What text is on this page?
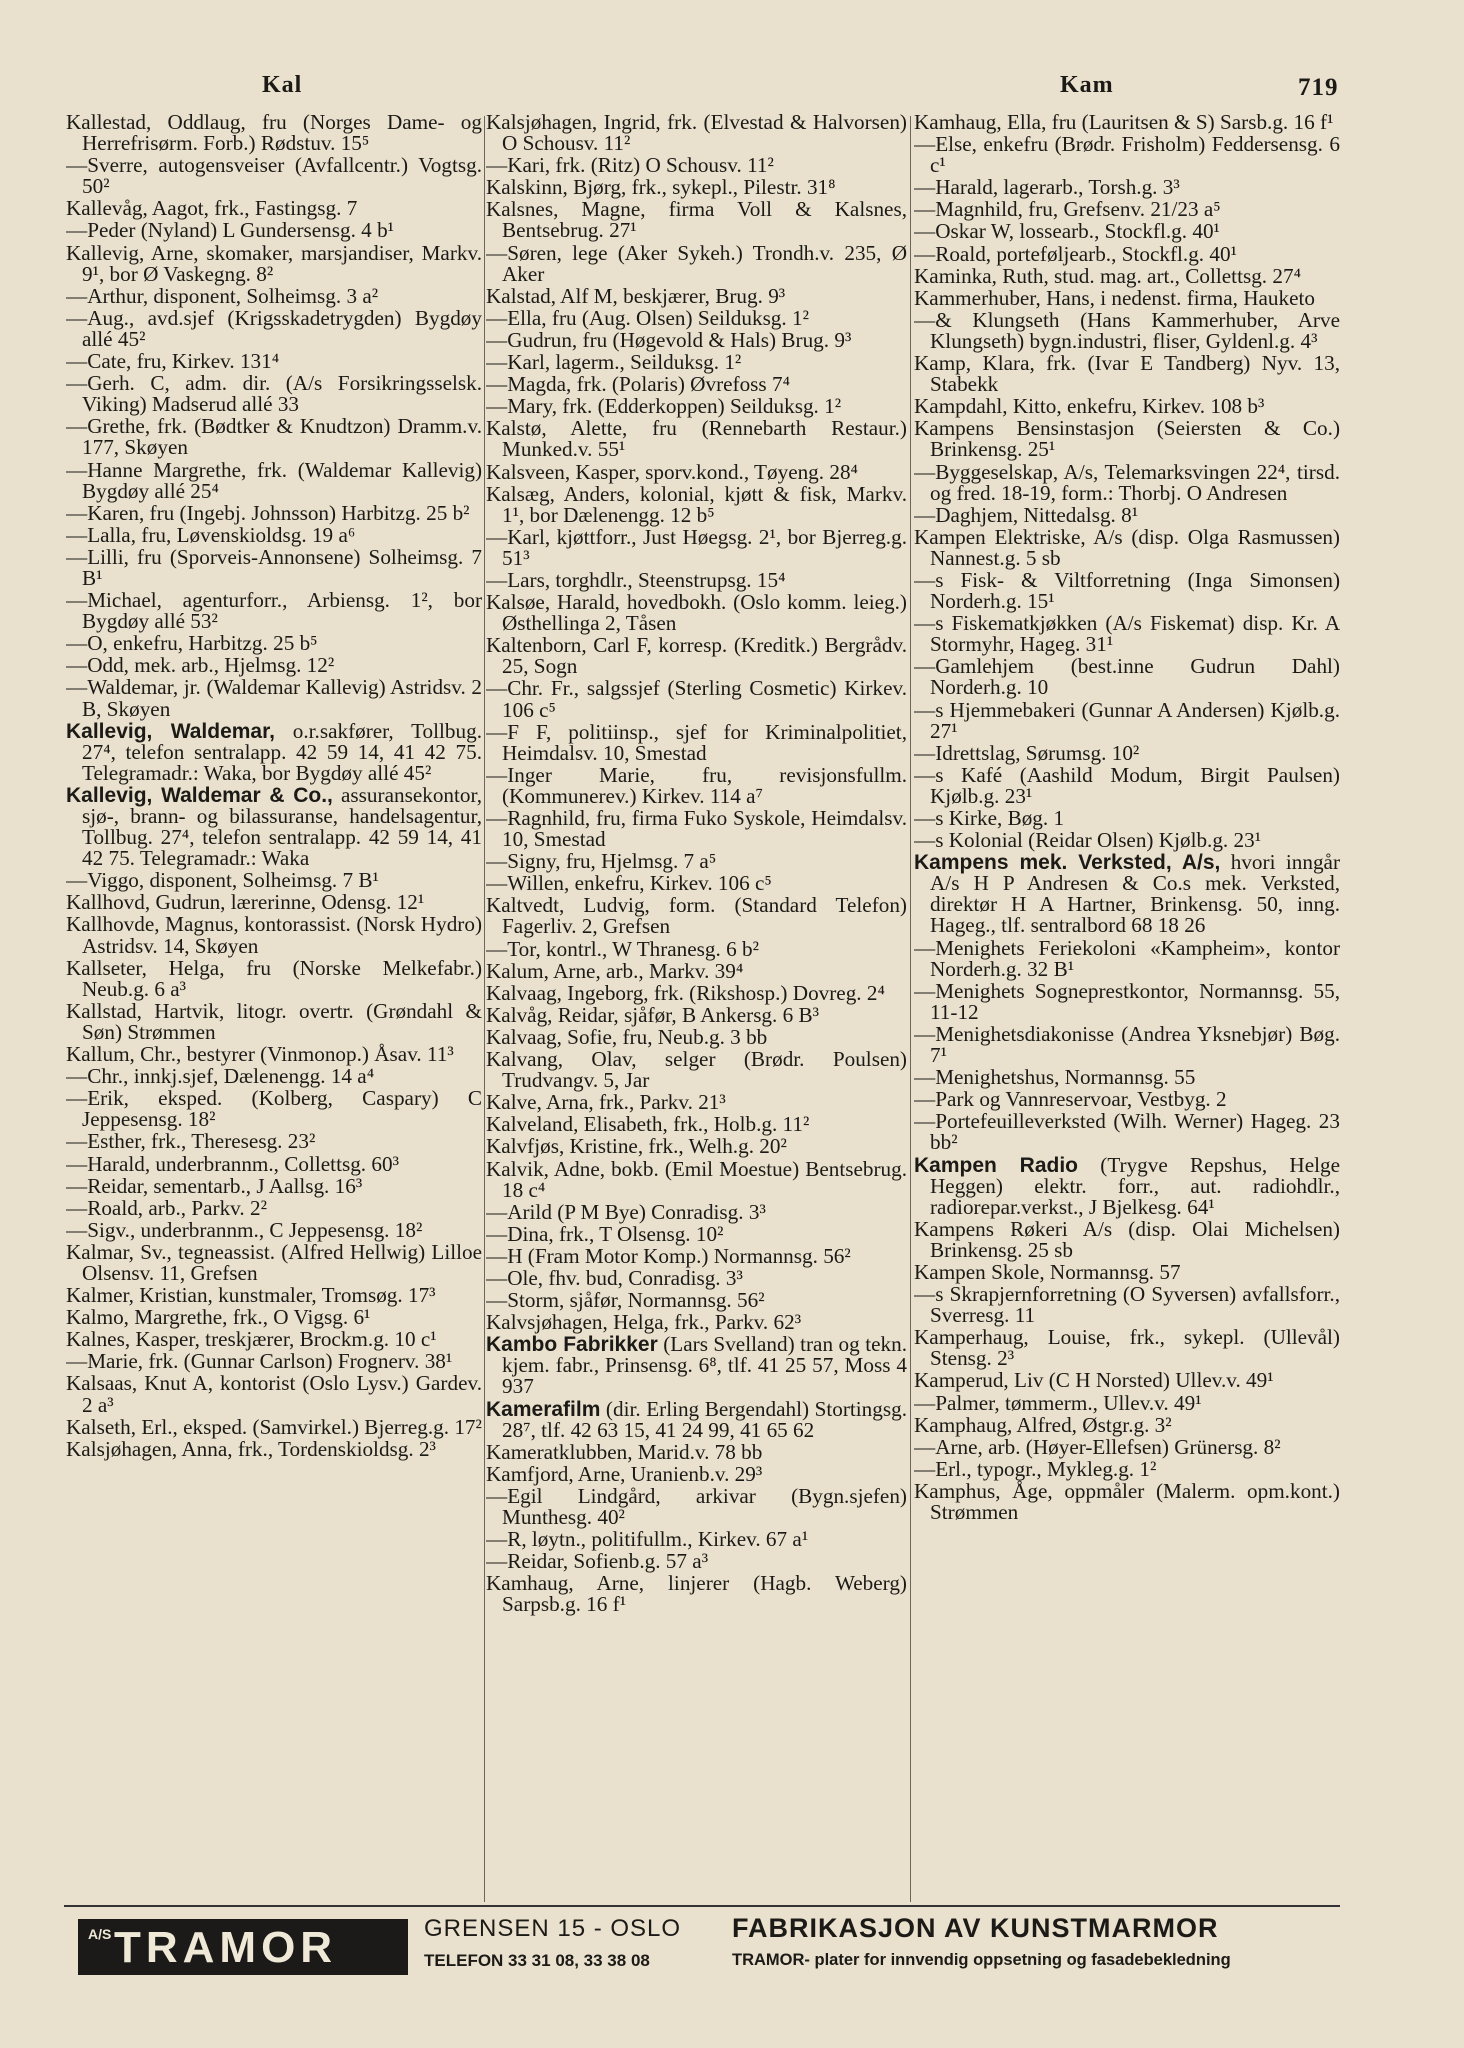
Kal	Kam	719
Kallestad, Oddlaug, fru (Norges Dame- og Herrefrisørm. Forb.) Rødstuv. 15⁵
—Sverre, autogensveiser (Avfallcentr.) Vogtsg. 50²
Kallevåg, Aagot, frk., Fastingsg. 7
—Peder (Nyland) L Gundersensg. 4 b¹
Kallevig, Arne, skomaker, marsjandiser, Markv. 9¹, bor Ø Vaskegng. 8²
—Arthur, disponent, Solheimsg. 3 a²
—Aug., avd.sjef (Krigsskadetrygden) Bygdøy allé 45²
—Cate, fru, Kirkev. 131⁴
—Gerh. C, adm. dir. (A/s Forsikringsselsk. Viking) Madserud allé 33
—Grethe, frk. (Bødtker & Knudtzon) Dramm.v. 177, Skøyen
—Hanne Margrethe, frk. (Waldemar Kallevig) Bygdøy allé 25⁴
—Karen, fru (Ingebj. Johnsson) Harbitzg. 25 b²
—Lalla, fru, Løvenskioldsg. 19 a⁶
—Lilli, fru (Sporveis-Annonsene) Solheimsg. 7 B¹
—Michael, agenturforr., Arbiensg. 1², bor Bygdøy allé 53²
—O, enkefru, Harbitzg. 25 b⁵
—Odd, mek. arb., Hjelmsg. 12²
—Waldemar, jr. (Waldemar Kallevig) Astridsv. 2 B, Skøyen
Kallevig, Waldemar, o.r.sakfører, Tollbug. 27⁴, telefon sentralapp. 42 59 14, 41 42 75. Telegramadr.: Waka, bor Bygdøy allé 45²
Kallevig, Waldemar & Co., assuransekontor, sjø-, brann- og bilassuranse, handelsagentur, Tollbug. 27⁴, telefon sentralapp. 42 59 14, 41 42 75. Telegramadr.: Waka
—Viggo, disponent, Solheimsg. 7 B¹
Kallhovd, Gudrun, lærerinne, Odensg. 12¹
Kallhovde, Magnus, kontorassist. (Norsk Hydro) Astridsv. 14, Skøyen
Kallseter, Helga, fru (Norske Melkefabr.) Neub.g. 6 a³
Kallstad, Hartvik, litogr. overtr. (Grøndahl & Søn) Strømmen
Kallum, Chr., bestyrer (Vinmonop.) Åsav. 11³
—Chr., innkj.sjef, Dælenengg. 14 a⁴
—Erik, eksped. (Kolberg, Caspary) C Jeppesensg. 18²
—Esther, frk., Theresesg. 23²
—Harald, underbrannm., Collettsg. 60³
—Reidar, sementarb., J Aallsg. 16³
—Roald, arb., Parkv. 2²
—Sigv., underbrannm., C Jeppesensg. 18²
Kalmar, Sv., tegneassist. (Alfred Hellwig) Lilloe Olsensv. 11, Grefsen
Kalmer, Kristian, kunstmaler, Tromsøg. 17³
Kalmo, Margrethe, frk., O Vigsg. 6¹
Kalnes, Kasper, treskjærer, Brockm.g. 10 c¹
—Marie, frk. (Gunnar Carlson) Frognerv. 38¹
Kalsaas, Knut A, kontorist (Oslo Lysv.) Gardev. 2 a³
Kalseth, Erl., eksped. (Samvirkel.) Bjerreg.g. 17²
Kalsjøhagen, Anna, frk., Tordenskioldsg. 2³
Kalsjøhagen, Ingrid, frk. (Elvestad & Halvorsen) O Schousv. 11²
—Kari, frk. (Ritz) O Schousv. 11²
Kalskinn, Bjørg, frk., sykepl., Pilestr. 31⁸
Kalsnes, Magne, firma Voll & Kalsnes, Bentsebrug. 27¹
—Søren, lege (Aker Sykeh.) Trondh.v. 235, Ø Aker
Kalstad, Alf M, beskjærer, Brug. 9³
—Ella, fru (Aug. Olsen) Seilduksg. 1²
—Gudrun, fru (Høgevold & Hals) Brug. 9³
—Karl, lagerm., Seilduksg. 1²
—Magda, frk. (Polaris) Øvrefoss 7⁴
—Mary, frk. (Edderkoppen) Seilduksg. 1²
Kalstø, Alette, fru (Rennebarth Restaur.) Munked.v. 55¹
Kalsveen, Kasper, sporv.kond., Tøyeng. 28⁴
Kalsæg, Anders, kolonial, kjøtt & fisk, Markv. 1¹, bor Dælenengg. 12 b⁵
—Karl, kjøttforr., Just Høegsg. 2¹, bor Bjerreg.g. 51³
—Lars, torghdlr., Steenstrupsg. 15⁴
Kalsøe, Harald, hovedbokh. (Oslo komm. leieg.) Østhellinga 2, Tåsen
Kaltenborn, Carl F, korresp. (Kreditk.) Bergrådv. 25, Sogn
—Chr. Fr., salgssjef (Sterling Cosmetic) Kirkev. 106 c⁵
—F F, politiinsp., sjef for Kriminalpolitiet, Heimdalsv. 10, Smestad
—Inger Marie, fru, revisjonsfullm. (Kommunerev.) Kirkev. 114 a⁷
—Ragnhild, fru, firma Fuko Syskole, Heimdalsv. 10, Smestad
—Signy, fru, Hjelmsg. 7 a⁵
—Willen, enkefru, Kirkev. 106 c⁵
Kaltvedt, Ludvig, form. (Standard Telefon) Fagerliv. 2, Grefsen
—Tor, kontrl., W Thranesg. 6 b²
Kalum, Arne, arb., Markv. 39⁴
Kalvaag, Ingeborg, frk. (Rikshosp.) Dovreg. 2⁴
Kalvåg, Reidar, sjåfør, B Ankersg. 6 B³
Kalvaag, Sofie, fru, Neub.g. 3 bb
Kalvang, Olav, selger (Brødr. Poulsen) Trudvangv. 5, Jar
Kalve, Arna, frk., Parkv. 21³
Kalveland, Elisabeth, frk., Holb.g. 11²
Kalvfjøs, Kristine, frk., Welh.g. 20²
Kalvik, Adne, bokb. (Emil Moestue) Bentsebrug. 18 c⁴
—Arild (P M Bye) Conradisg. 3³
—Dina, frk., T Olsensg. 10²
—H (Fram Motor Komp.) Normannsg. 56²
—Ole, fhv. bud, Conradisg. 3³
—Storm, sjåfør, Normannsg. 56²
Kalvsjøhagen, Helga, frk., Parkv. 62³
Kambo Fabrikker (Lars Svelland) tran og tekn. kjem. fabr., Prinsensg. 6⁸, tlf. 41 25 57, Moss 4 937
Kamerafilm (dir. Erling Bergendahl) Stortingsg. 28⁷, tlf. 42 63 15, 41 24 99, 41 65 62
Kameratklubben, Marid.v. 78 bb
Kamfjord, Arne, Uranienb.v. 29³
—Egil Lindgård, arkivar (Bygn.sjefen) Munthesg. 40²
—R, løytn., politifullm., Kirkev. 67 a¹
—Reidar, Sofienb.g. 57 a³
Kamhaug, Arne, linjerer (Hagb. Weberg) Sarpsb.g. 16 f¹
Kamhaug, Ella, fru (Lauritsen & S) Sarsb.g. 16 f¹
—Else, enkefru (Brødr. Frisholm) Feddersensg. 6 c¹
—Harald, lagerarb., Torsh.g. 3³
—Magnhild, fru, Grefsenv. 21/23 a⁵
—Oskar W, lossearb., Stockfl.g. 40¹
—Roald, porteføljearb., Stockfl.g. 40¹
Kaminka, Ruth, stud. mag. art., Collettsg. 27⁴
Kammerhuber, Hans, i nedenst. firma, Hauketo
—& Klungseth (Hans Kammerhuber, Arve Klungseth) bygn.industri, fliser, Gyldenl.g. 4³
Kamp, Klara, frk. (Ivar E Tandberg) Nyv. 13, Stabekk
Kampdahl, Kitto, enkefru, Kirkev. 108 b³
Kampens Bensinstasjon (Seiersten & Co.) Brinkensg. 25¹
—Byggeselskap, A/s, Telemarksvingen 22⁴, tirsd. og fred. 18-19, form.: Thorbj. O Andresen
—Daghjem, Nittedalsg. 8¹
Kampen Elektriske, A/s (disp. Olga Rasmussen) Nannest.g. 5 sb
—s Fisk- & Viltforretning (Inga Simonsen) Norderh.g. 15¹
—s Fiskematkjøkken (A/s Fiskemat) disp. Kr. A Stormyhr, Hageg. 31¹
—Gamlehjem (best.inne Gudrun Dahl) Norderh.g. 10
—s Hjemmebakeri (Gunnar A Andersen) Kjølb.g. 27¹
—Idrettslag, Sørumsg. 10²
—s Kafé (Aashild Modum, Birgit Paulsen) Kjølb.g. 23¹
—s Kirke, Bøg. 1
—s Kolonial (Reidar Olsen) Kjølb.g. 23¹
Kampens mek. Verksted, A/s, hvori inngår A/s H P Andresen & Co.s mek. Verksted, direktør H A Hartner, Brinkensg. 50, inng. Hageg., tlf. sentralbord 68 18 26
—Menighets Feriekoloni «Kampheim», kontor Norderh.g. 32 B¹
—Menighets Sogneprestkontor, Normannsg. 55, 11-12
—Menighetsdiakonisse (Andrea Yksnebjør) Bøg. 7¹
—Menighetshus, Normannsg. 55
—Park og Vannreservoar, Vestbyg. 2
—Portefeuilleverksted (Wilh. Werner) Hageg. 23 bb²
Kampen Radio (Trygve Repshus, Helge Heggen) elektr. forr., aut. radiohdlr., radiorepar.verkst., J Bjelkesg. 64¹
Kampens Røkeri A/s (disp. Olai Michelsen) Brinkensg. 25 sb
Kampen Skole, Normannsg. 57
—s Skrapjernforretning (O Syversen) avfallsforr., Sverresg. 11
Kamperhaug, Louise, frk., sykepl. (Ullevål) Stensg. 2³
Kamperud, Liv (C H Norsted) Ullev.v. 49¹
—Palmer, tømmerm., Ullev.v. 49¹
Kamphaug, Alfred, Østgr.g. 3²
—Arne, arb. (Høyer-Ellefsen) Grünersg. 8²
—Erl., typogr., Mykleg.g. 1²
Kamphus, Åge, oppmåler (Malerm. opm.kont.) Strømmen
A/S TRAMOR	GRENSEN 15 - OSLO
TELEFON 33 31 08, 33 38 08
FABRIKASJON AV KUNSTMARMOR
TRAMOR- plater for innvendig oppsetning og fasadebekledning
